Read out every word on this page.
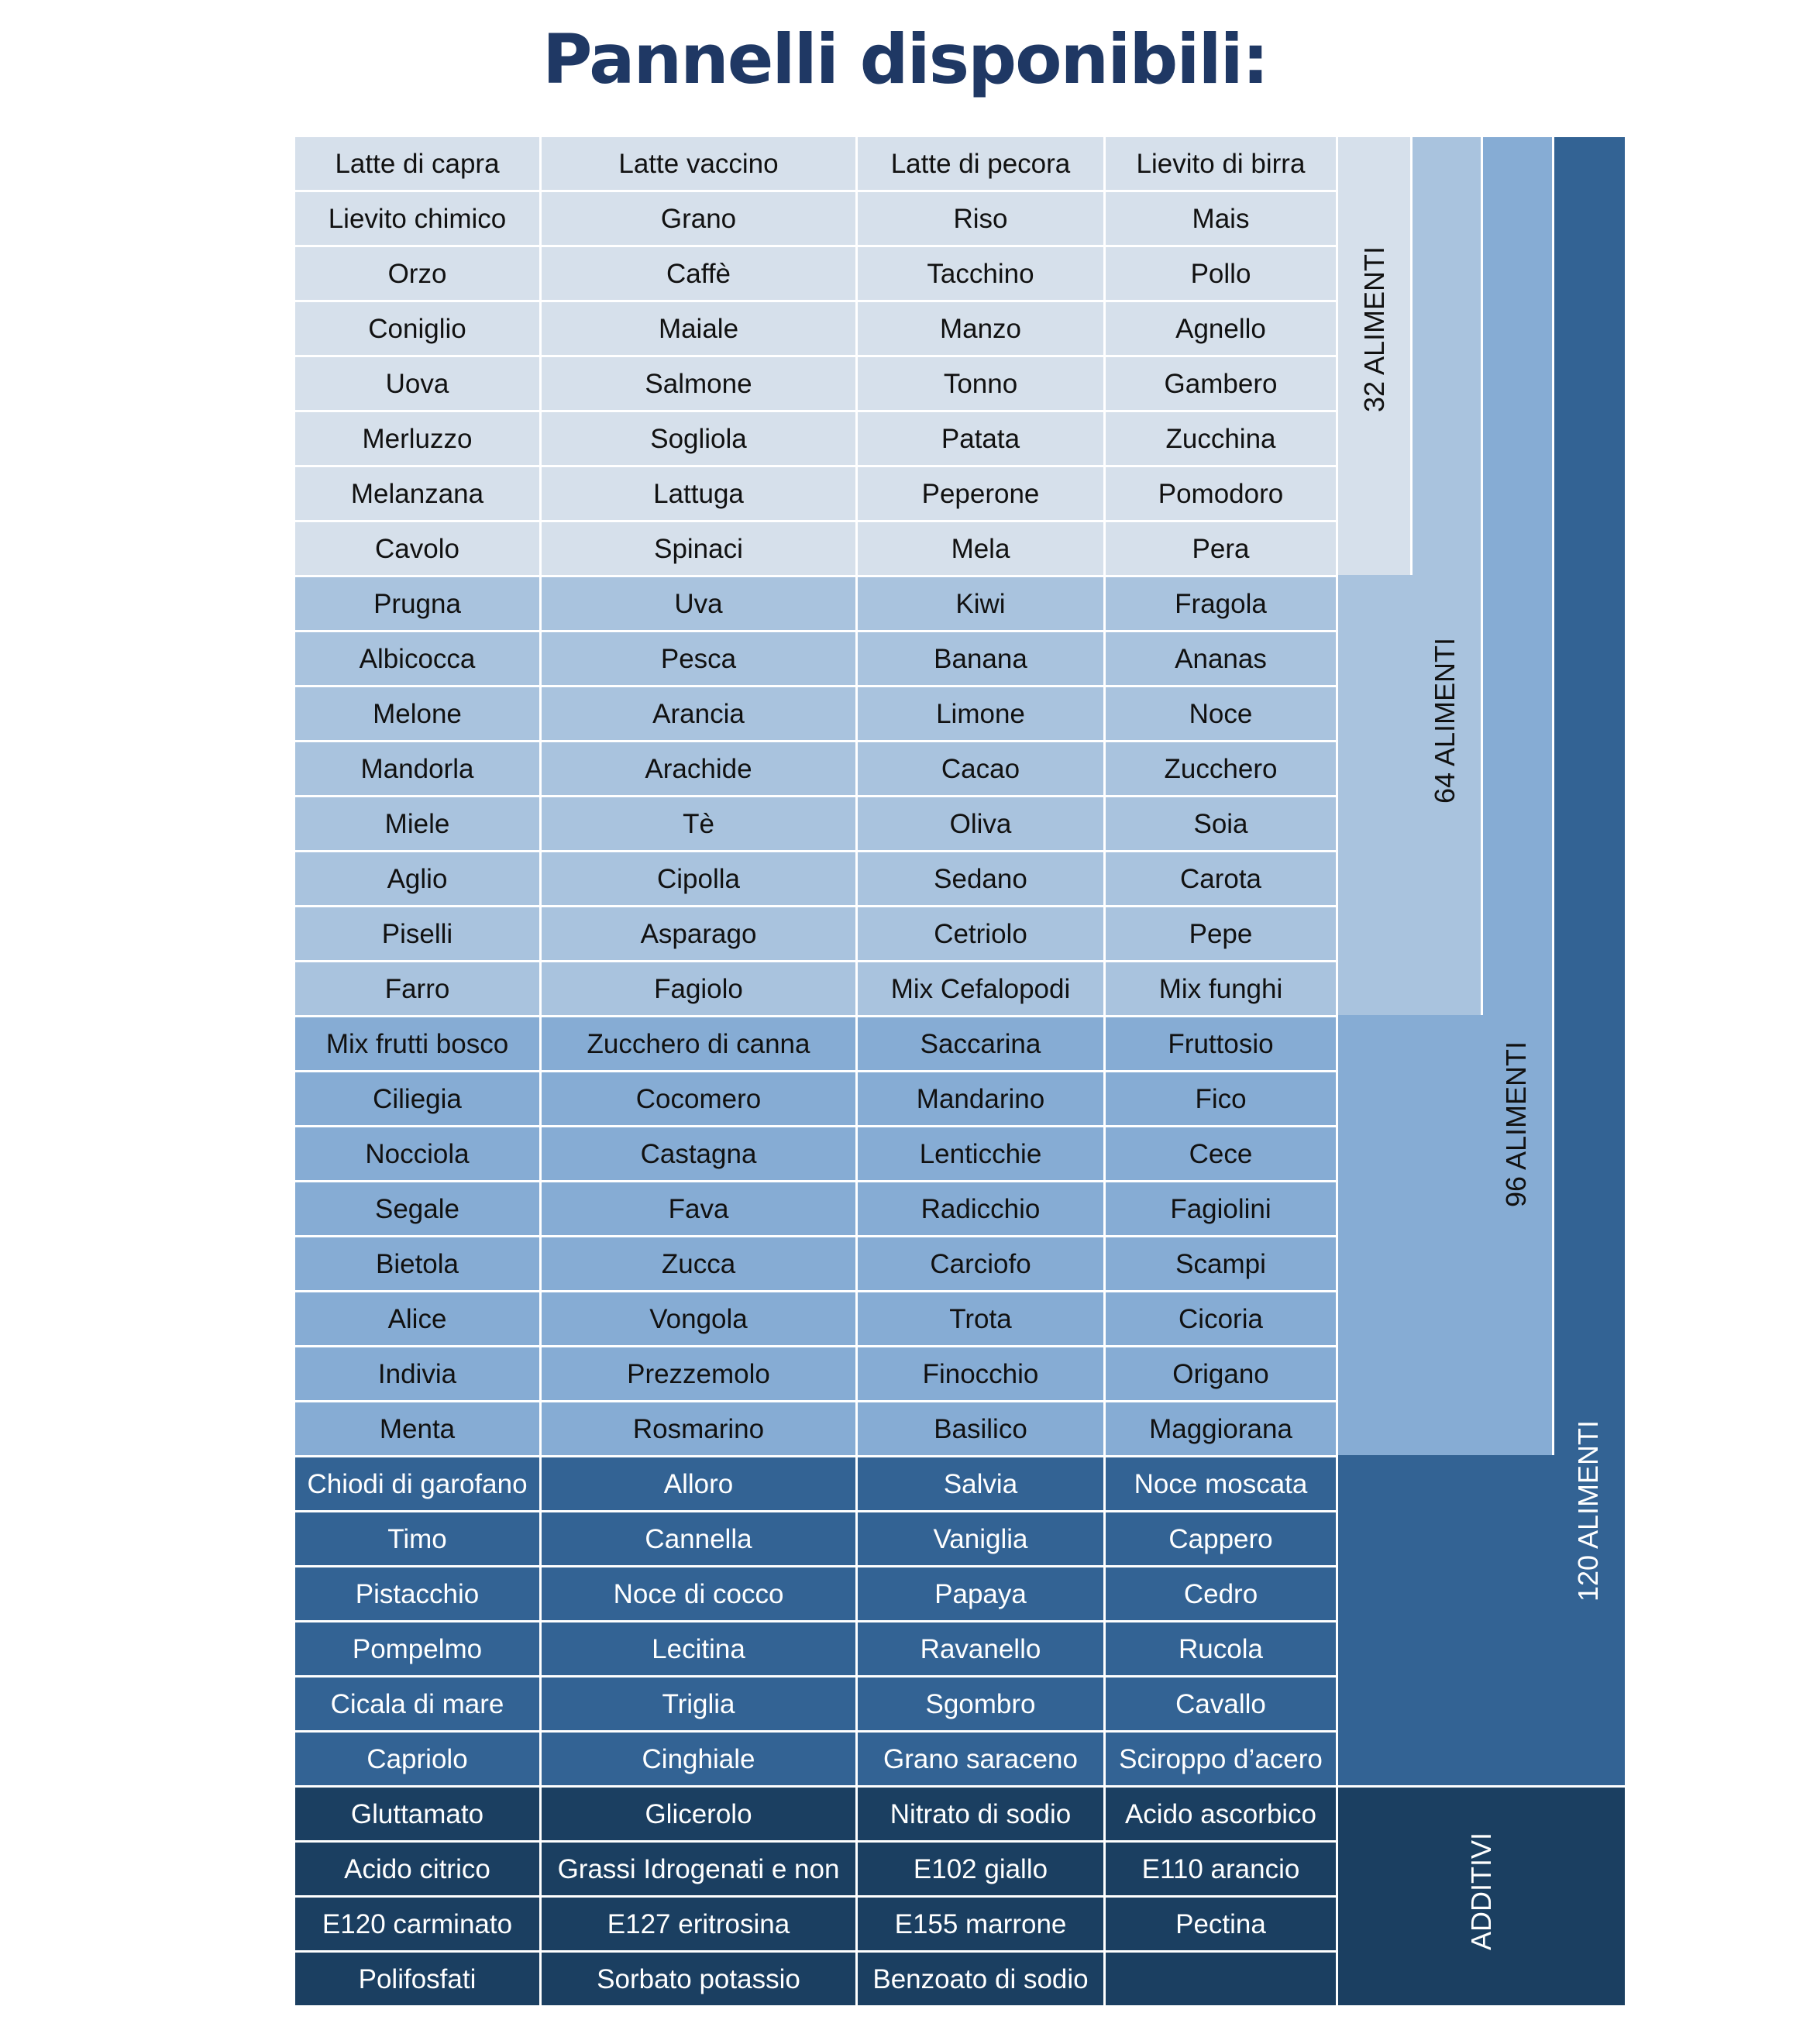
Pannelli disponibili:
32 ALIMENTI
64 ALIMENTI
96 ALIMENTI
120 ALIMENTI
ADDITIVI
Latte di capra	Latte vaccino	Latte di pecora	Lievito di birra
Lievito chimico	Grano	Riso	Mais
Orzo	Caffè	Tacchino	Pollo
Coniglio	Maiale	Manzo	Agnello
Uova	Salmone	Tonno	Gambero
Merluzzo	Sogliola	Patata	Zucchina
Melanzana	Lattuga	Peperone	Pomodoro
Cavolo	Spinaci	Mela	Pera
Prugna	Uva	Kiwi	Fragola
Albicocca	Pesca	Banana	Ananas
Melone	Arancia	Limone	Noce
Mandorla	Arachide	Cacao	Zucchero
Miele	Tè	Oliva	Soia
Aglio	Cipolla	Sedano	Carota
Piselli	Asparago	Cetriolo	Pepe
Farro	Fagiolo	Mix Cefalopodi	Mix funghi
Mix frutti bosco	Zucchero di canna	Saccarina	Fruttosio
Ciliegia	Cocomero	Mandarino	Fico
Nocciola	Castagna	Lenticchie	Cece
Segale	Fava	Radicchio	Fagiolini
Bietola	Zucca	Carciofo	Scampi
Alice	Vongola	Trota	Cicoria
Indivia	Prezzemolo	Finocchio	Origano
Menta	Rosmarino	Basilico	Maggiorana
Chiodi di garofano	Alloro	Salvia	Noce moscata
Timo	Cannella	Vaniglia	Cappero
Pistacchio	Noce di cocco	Papaya	Cedro
Pompelmo	Lecitina	Ravanello	Rucola
Cicala di mare	Triglia	Sgombro	Cavallo
Capriolo	Cinghiale	Grano saraceno	Sciroppo d’acero
Gluttamato	Glicerolo	Nitrato di sodio	Acido ascorbico
Acido citrico	Grassi Idrogenati e non	E102 giallo	E110 arancio
E120 carminato	E127 eritrosina	E155 marrone	Pectina
Polifosfati	Sorbato potassio	Benzoato di sodio
